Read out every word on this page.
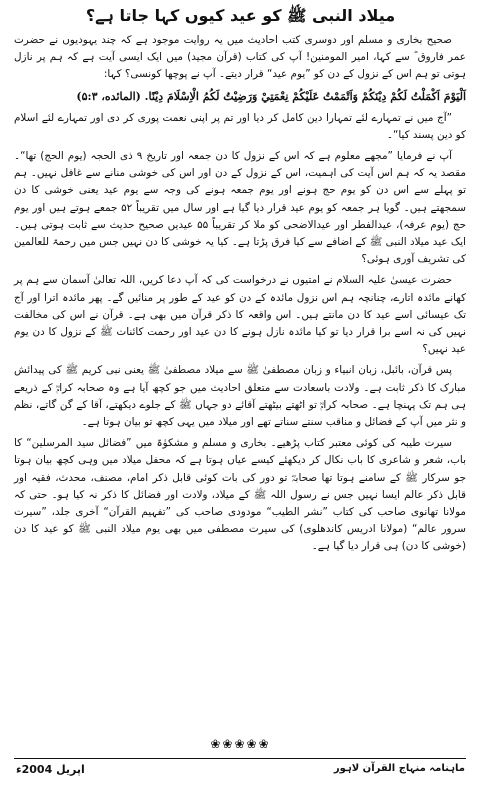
میلاد النبی ﷺ کو عید کیوں کہا جاتا ہے؟

صحیح بخاری و مسلم اور دوسری کتب احادیث میں یہ روایت موجود ہے کہ چند یہودیوں نے حضرت عمر فاروق ؓ سے کہا، امیر المومنین! آپ کی کتاب (قرآن مجید) میں ایک ایسی آیت ہے کہ ہم پر نازل ہوتی تو ہم اس کے نزول کے دن کو ”یوم عید“ قرار دیتے۔ آپ نے پوچھا کونسی؟ کہا:

اَلْيَوْمَ اَكْمَلْتُ لَكُمْ دِيْنَكُمْ وَاَتْمَمْتُ عَلَيْكُمْ نِعْمَتِيْ وَرَضِيْتُ لَكُمُ الْاِسْلَامَ دِيْنًا. (المائده، ۵:۳)

”آج میں نے تمہارے لئے تمہارا دین کامل کر دیا اور تم پر اپنی نعمت پوری کر دی اور تمہارے لئے اسلام کو دین پسند کیا“۔

آپ نے فرمایا ”مجھے معلوم ہے کہ اس کے نزول کا دن جمعہ اور تاریخ ۹ ذی الحجہ (یوم الحج) تھا“۔ مقصد یہ کہ ہم اس آیت کی اہمیت، اس کے نزول کے دن اور اس کی خوشی منانے سے غافل نہیں۔ ہم تو پہلے سے اس دن کو یوم حج ہونے اور یوم جمعہ ہونے کی وجہ سے یوم عید یعنی خوشی کا دن سمجھتے ہیں۔ گویا ہر جمعہ کو یوم عید قرار دیا گیا ہے اور سال میں تقریباً ۵۲ جمعے ہوتے ہیں اور یوم حج (یوم عرفہ)، عیدالفطر اور عیدالاضحی کو ملا کر تقریباً ۵۵ عیدیں صحیح حدیث سے ثابت ہوتی ہیں۔ ایک عید میلاد النبی ﷺ کے اضافے سے کیا فرق پڑتا ہے۔ کیا یہ خوشی کا دن نہیں جس میں رحمۃ للعالمین کی تشریف آوری ہوئی؟

حضرت عیسیٰ علیہ السلام نے امتیوں نے درخواست کی کہ آپ دعا کریں، اللہ تعالیٰ آسمان سے ہم پر کھانے مائدہ اتارے، چنانچہ ہم اس نزول مائدہ کے دن کو عید کے طور پر منائیں گے۔ پھر مائدہ اترا اور آج تک عیسائی اسے عید کا دن مانتے ہیں۔ اس واقعہ کا ذکر قرآن میں بھی ہے۔ قرآن نے اس کی مخالفت نہیں کی نہ اسے برا قرار دیا تو کیا مائدہ نازل ہونے کا دن عید اور رحمت کائنات ﷺ کے نزول کا دن یوم عید نہیں؟

پس قرآن، بائبل، زبان انبیاء و زبان مصطفیٰ ﷺ سے میلاد مصطفیٰ ﷺ یعنی نبی کریم ﷺ کی پیدائش مبارک کا ذکر ثابت ہے۔ ولادت باسعادت سے متعلق احادیث میں جو کچھ آیا ہے وہ صحابہ کرامؓ کے ذریعے ہی ہم تک پہنچا ہے۔ صحابہ کرامؓ تو اٹھتے بیٹھتے آقائے دو جہاں ﷺ کے جلوے دیکھتے، آقا کے گن گاتے، نظم و نثر میں آپ کے فضائل و مناقب سنتے سناتے تھے اور میلاد میں یہی کچھ تو بیان ہوتا ہے۔

سیرت طیبہ کی کوئی معتبر کتاب پڑھیے۔ بخاری و مسلم و مشکوٰۃ میں ”فضائل سید المرسلین“ کا باب، شعر و شاعری کا باب نکال کر دیکھئے کیسے عیاں ہوتا ہے کہ محفل میلاد میں وہی کچھ بیان ہوتا جو سرکار ﷺ کے سامنے ہوتا تھا صحابہؓ تو دور کی بات کوئی قابل ذکر امام، مصنف، محدث، فقیہ اور قابل ذکر عالم ایسا نہیں جس نے رسول اللہ ﷺ کے میلاد، ولادت اور فضائل کا ذکر نہ کیا ہو۔ حتی کہ مولانا تھانوی صاحب کی کتاب ”نشر الطیب“ مودودی صاحب کی ”تفہیم القرآن“ آخری جلد، ”سیرت سرور عالم“ (مولانا ادریس کاندھلوی) کی سیرت مصطفی میں بھی یوم میلاد النبی ﷺ کو عید کا دن (خوشی کا دن) ہی قرار دیا گیا ہے۔

❀❀❀❀❀
ماہنامہ منہاج القرآن لاہور
اپریل 2004ء
